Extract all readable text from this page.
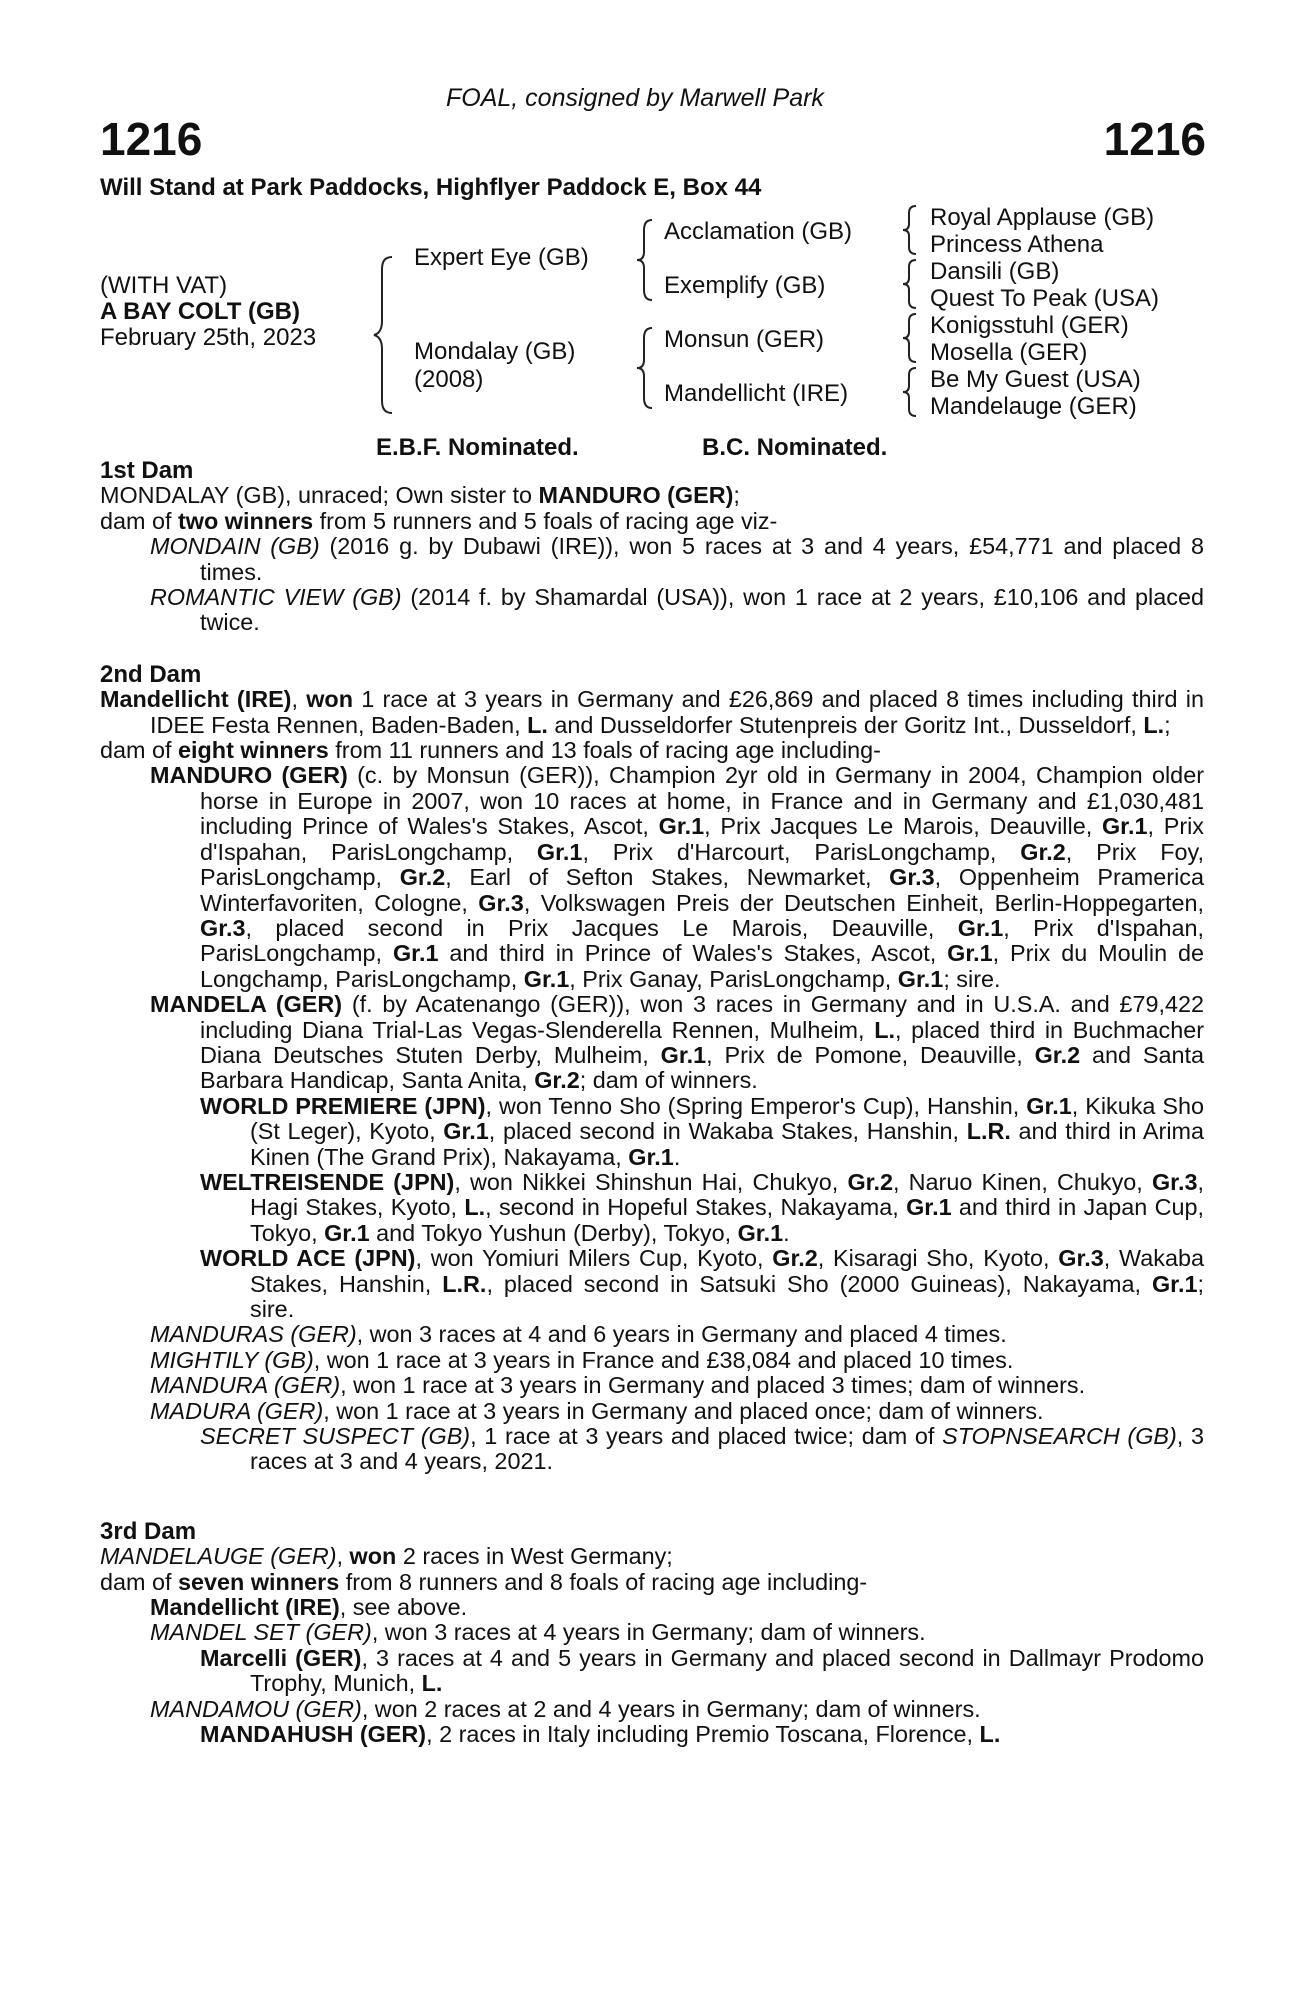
FOAL, consigned by Marwell Park
1216	1216
Will Stand at Park Paddocks, Highflyer Paddock E, Box 44
(WITH VAT)
A BAY COLT (GB)
February 25th, 2023
Expert Eye (GB)
Mondalay (GB)
(2008)
Acclamation (GB)
Exemplify (GB)
Monsun (GER)
Mandellicht (IRE)
Royal Applause (GB)
Princess Athena
Dansili (GB)
Quest To Peak (USA)
Konigsstuhl (GER)
Mosella (GER)
Be My Guest (USA)
Mandelauge (GER)
E.B.F. Nominated.	B.C. Nominated.
1st Dam
MONDALAY (GB), unraced; Own sister to MANDURO (GER);
dam of two winners from 5 runners and 5 foals of racing age viz-
MONDAIN (GB) (2016 g. by Dubawi (IRE)), won 5 races at 3 and 4 years, £54,771 and placed 8 times.
ROMANTIC VIEW (GB) (2014 f. by Shamardal (USA)), won 1 race at 2 years, £10,106 and placed twice.
2nd Dam
Mandellicht (IRE), won 1 race at 3 years in Germany and £26,869 and placed 8 times including third in IDEE Festa Rennen, Baden-Baden, L. and Dusseldorfer Stutenpreis der Goritz Int., Dusseldorf, L.;
dam of eight winners from 11 runners and 13 foals of racing age including-
MANDURO (GER) (c. by Monsun (GER)), Champion 2yr old in Germany in 2004, Champion older horse in Europe in 2007, won 10 races at home, in France and in Germany and £1,030,481 including Prince of Wales's Stakes, Ascot, Gr.1, Prix Jacques Le Marois, Deauville, Gr.1, Prix d'Ispahan, ParisLongchamp, Gr.1, Prix d'Harcourt, ParisLongchamp, Gr.2, Prix Foy, ParisLongchamp, Gr.2, Earl of Sefton Stakes, Newmarket, Gr.3, Oppenheim Pramerica Winterfavoriten, Cologne, Gr.3, Volkswagen Preis der Deutschen Einheit, Berlin-Hoppegarten, Gr.3, placed second in Prix Jacques Le Marois, Deauville, Gr.1, Prix d'Ispahan, ParisLongchamp, Gr.1 and third in Prince of Wales's Stakes, Ascot, Gr.1, Prix du Moulin de Longchamp, ParisLongchamp, Gr.1, Prix Ganay, ParisLongchamp, Gr.1; sire.
MANDELA (GER) (f. by Acatenango (GER)), won 3 races in Germany and in U.S.A. and £79,422 including Diana Trial-Las Vegas-Slenderella Rennen, Mulheim, L., placed third in Buchmacher Diana Deutsches Stuten Derby, Mulheim, Gr.1, Prix de Pomone, Deauville, Gr.2 and Santa Barbara Handicap, Santa Anita, Gr.2; dam of winners.
WORLD PREMIERE (JPN), won Tenno Sho (Spring Emperor's Cup), Hanshin, Gr.1, Kikuka Sho (St Leger), Kyoto, Gr.1, placed second in Wakaba Stakes, Hanshin, L.R. and third in Arima Kinen (The Grand Prix), Nakayama, Gr.1.
WELTREISENDE (JPN), won Nikkei Shinshun Hai, Chukyo, Gr.2, Naruo Kinen, Chukyo, Gr.3, Hagi Stakes, Kyoto, L., second in Hopeful Stakes, Nakayama, Gr.1 and third in Japan Cup, Tokyo, Gr.1 and Tokyo Yushun (Derby), Tokyo, Gr.1.
WORLD ACE (JPN), won Yomiuri Milers Cup, Kyoto, Gr.2, Kisaragi Sho, Kyoto, Gr.3, Wakaba Stakes, Hanshin, L.R., placed second in Satsuki Sho (2000 Guineas), Nakayama, Gr.1; sire.
MANDURAS (GER), won 3 races at 4 and 6 years in Germany and placed 4 times.
MIGHTILY (GB), won 1 race at 3 years in France and £38,084 and placed 10 times.
MANDURA (GER), won 1 race at 3 years in Germany and placed 3 times; dam of winners.
MADURA (GER), won 1 race at 3 years in Germany and placed once; dam of winners.
SECRET SUSPECT (GB), 1 race at 3 years and placed twice; dam of STOPNSEARCH (GB), 3 races at 3 and 4 years, 2021.
3rd Dam
MANDELAUGE (GER), won 2 races in West Germany;
dam of seven winners from 8 runners and 8 foals of racing age including-
Mandellicht (IRE), see above.
MANDEL SET (GER), won 3 races at 4 years in Germany; dam of winners.
Marcelli (GER), 3 races at 4 and 5 years in Germany and placed second in Dallmayr Prodomo Trophy, Munich, L.
MANDAMOU (GER), won 2 races at 2 and 4 years in Germany; dam of winners.
MANDAHUSH (GER), 2 races in Italy including Premio Toscana, Florence, L.
